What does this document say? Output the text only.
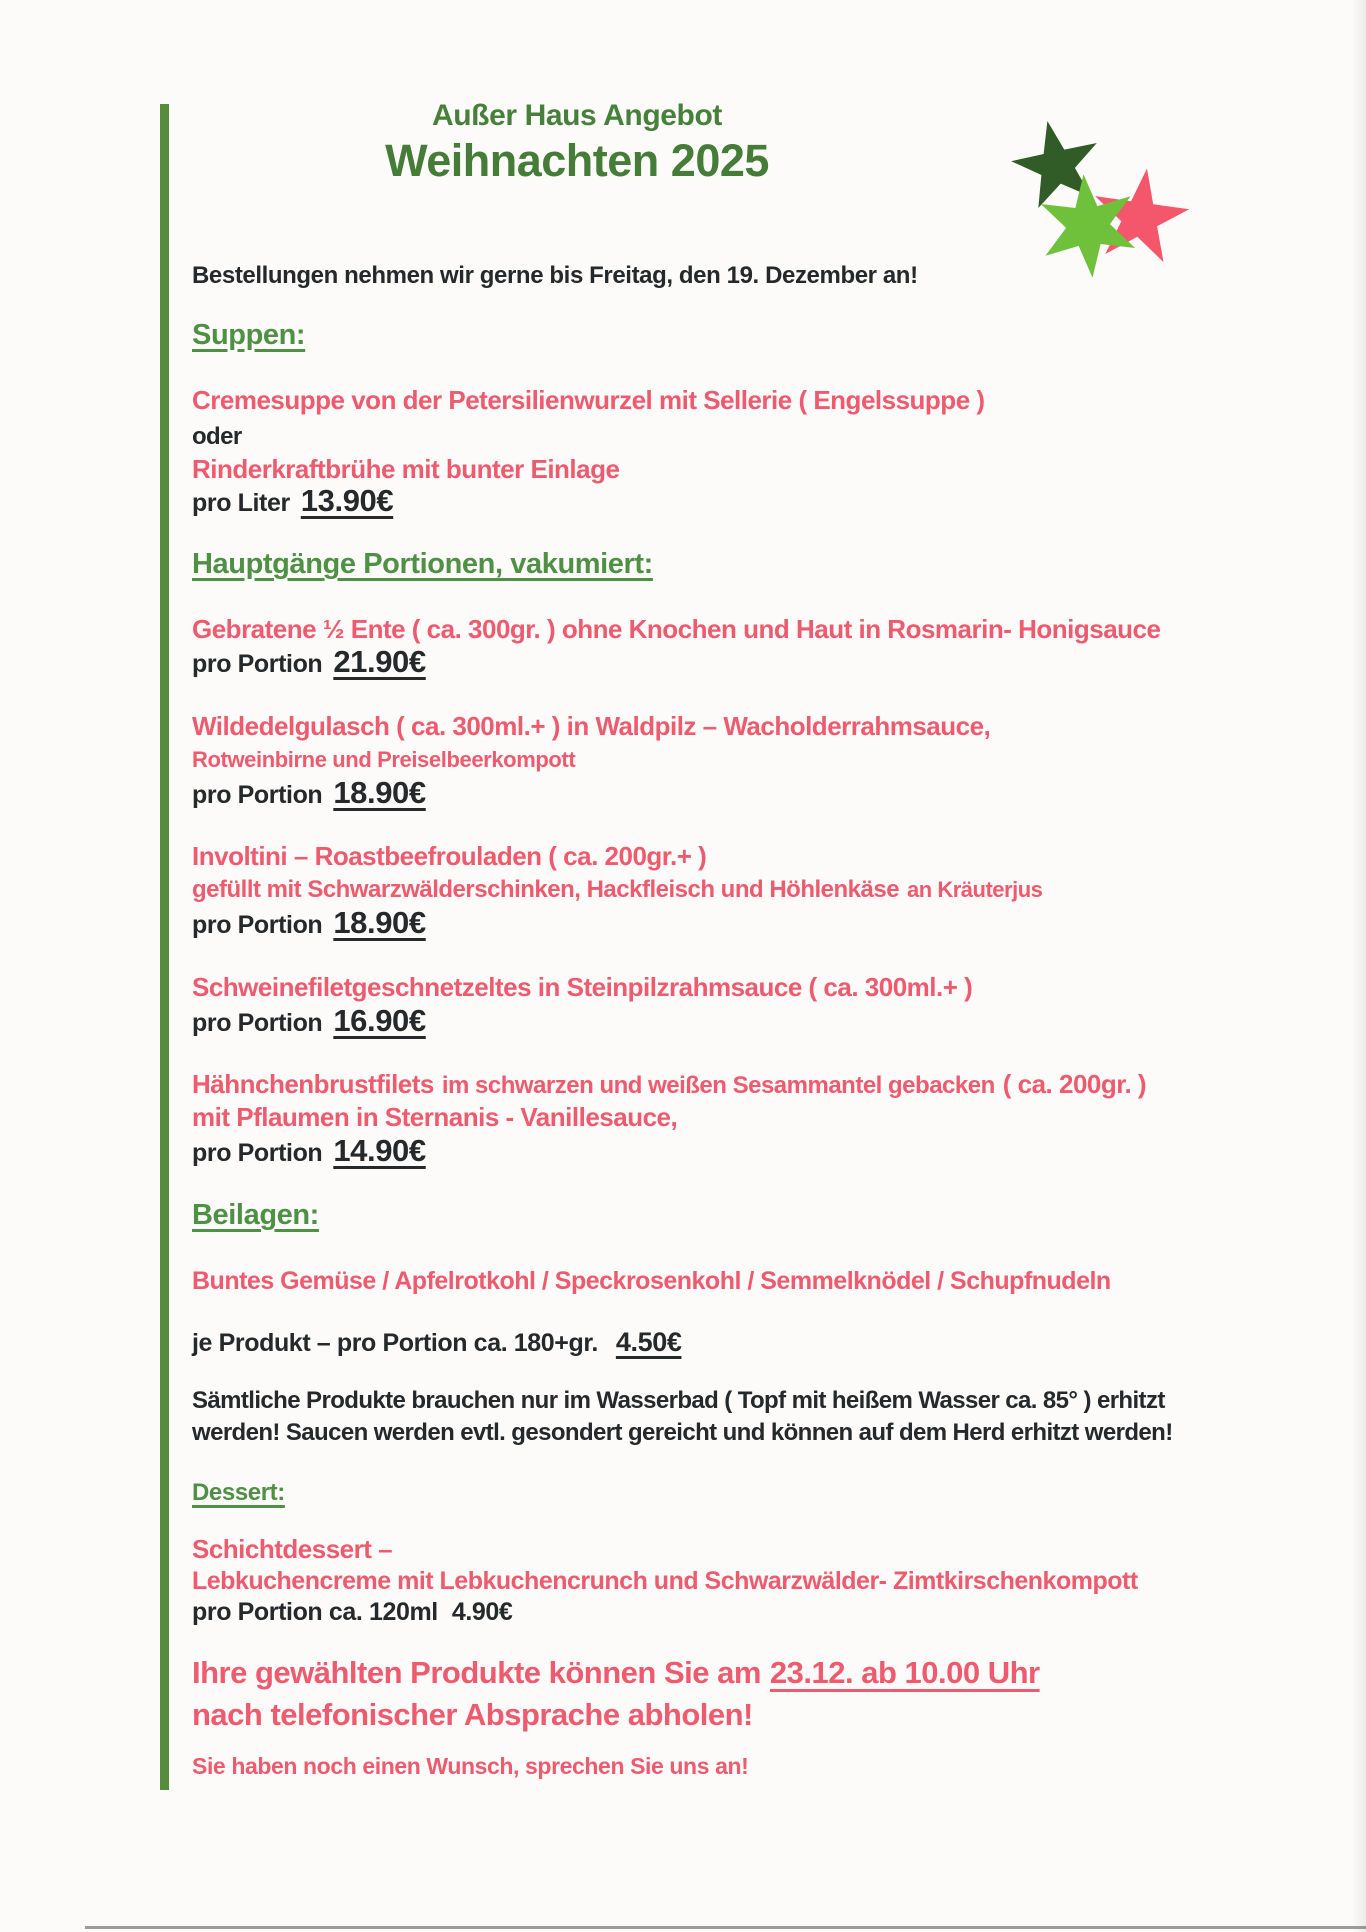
Außer Haus Angebot
Weihnachten 2025
Bestellungen nehmen wir gerne bis Freitag, den 19. Dezember an!
Suppen:
Cremesuppe von der Petersilienwurzel mit Sellerie ( Engelssuppe )
oder
Rinderkraftbrühe mit bunter Einlage
pro Liter 13.90€
Hauptgänge Portionen, vakumiert:
Gebratene ½ Ente ( ca. 300gr. ) ohne Knochen und Haut in Rosmarin- Honigsauce
pro Portion 21.90€
Wildedelgulasch ( ca. 300ml.+ ) in Waldpilz – Wacholderrahmsauce,
Rotweinbirne und Preiselbeerkompott
pro Portion 18.90€
Involtini – Roastbeefrouladen ( ca. 200gr.+ )
gefüllt mit Schwarzwälderschinken, Hackfleisch und Höhlenkäse an Kräuterjus
pro Portion 18.90€
Schweinefiletgeschnetzeltes in Steinpilzrahmsauce ( ca. 300ml.+ )
pro Portion 16.90€
Hähnchenbrustfilets im schwarzen und weißen Sesammantel gebacken ( ca. 200gr. )
mit Pflaumen in Sternanis - Vanillesauce,
pro Portion 14.90€
Beilagen:
Buntes Gemüse / Apfelrotkohl / Speckrosenkohl / Semmelknödel / Schupfnudeln
je Produkt – pro Portion ca. 180+gr. 4.50€
Sämtliche Produkte brauchen nur im Wasserbad ( Topf mit heißem Wasser ca. 85° ) erhitzt
werden! Saucen werden evtl. gesondert gereicht und können auf dem Herd erhitzt werden!
Dessert:
Schichtdessert –
Lebkuchencreme mit Lebkuchencrunch und Schwarzwälder- Zimtkirschenkompott
pro Portion ca. 120ml 4.90€
Ihre gewählten Produkte können Sie am 23.12. ab 10.00 Uhr
nach telefonischer Absprache abholen!
Sie haben noch einen Wunsch, sprechen Sie uns an!
